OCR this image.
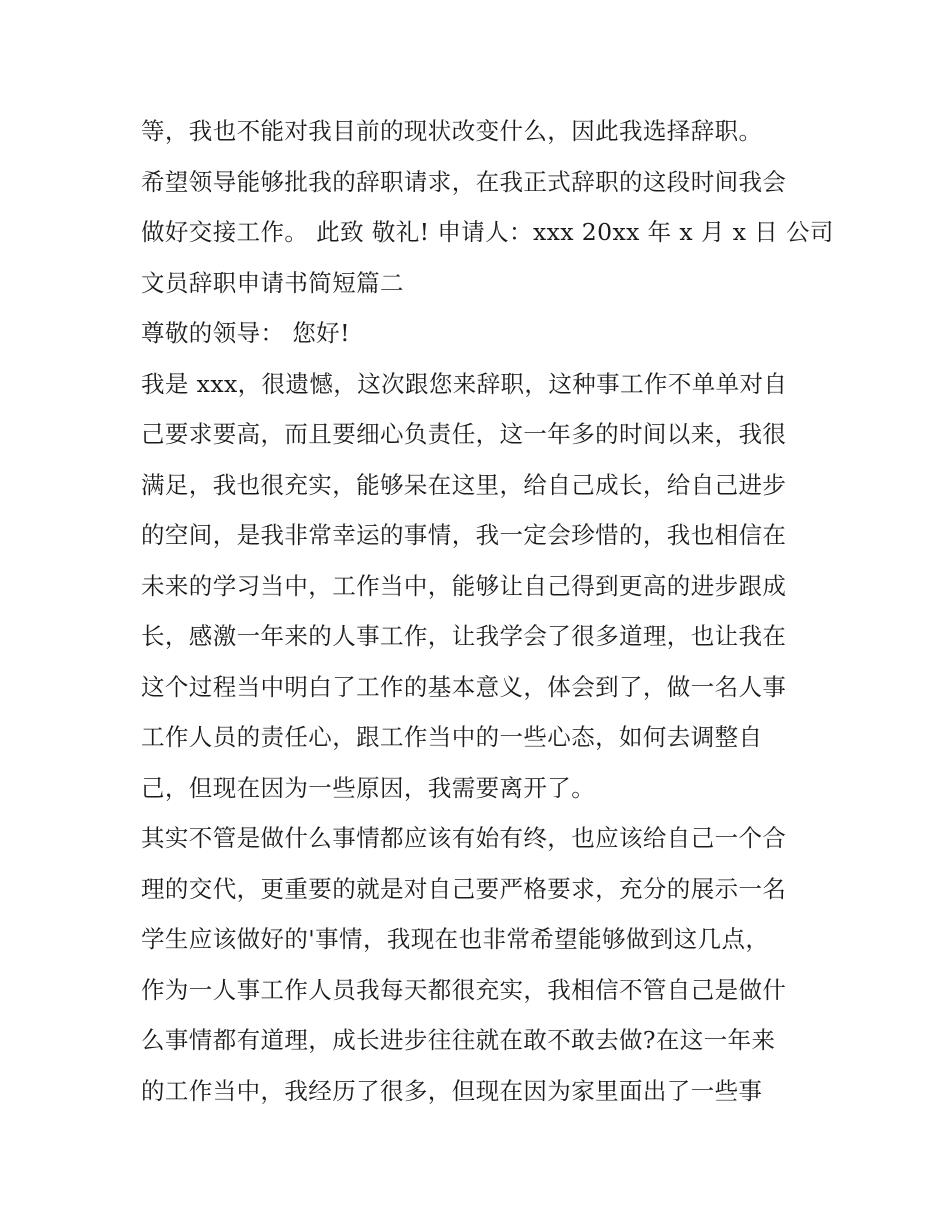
等，我也不能对我目前的现状改变什么，因此我选择辞职。
希望领导能够批我的辞职请求，在我正式辞职的这段时间我会
做好交接工作。 此致 敬礼! 申请人：xxx 20xx 年 x 月 x 日 公司
文员辞职申请书简短篇二
尊敬的领导： 您好!
我是 xxx，很遗憾，这次跟您来辞职，这种事工作不单单对自
己要求要高，而且要细心负责任，这一年多的时间以来，我很
满足，我也很充实，能够呆在这里，给自己成长，给自己进步
的空间，是我非常幸运的事情，我一定会珍惜的，我也相信在
未来的学习当中，工作当中，能够让自己得到更高的进步跟成
长，感激一年来的人事工作，让我学会了很多道理，也让我在
这个过程当中明白了工作的基本意义，体会到了，做一名人事
工作人员的责任心，跟工作当中的一些心态，如何去调整自
己，但现在因为一些原因，我需要离开了。
其实不管是做什么事情都应该有始有终，也应该给自己一个合
理的交代，更重要的就是对自己要严格要求，充分的展示一名
学生应该做好的'事情，我现在也非常希望能够做到这几点，
作为一人事工作人员我每天都很充实，我相信不管自己是做什
么事情都有道理，成长进步往往就在敢不敢去做?在这一年来
的工作当中，我经历了很多，但现在因为家里面出了一些事
